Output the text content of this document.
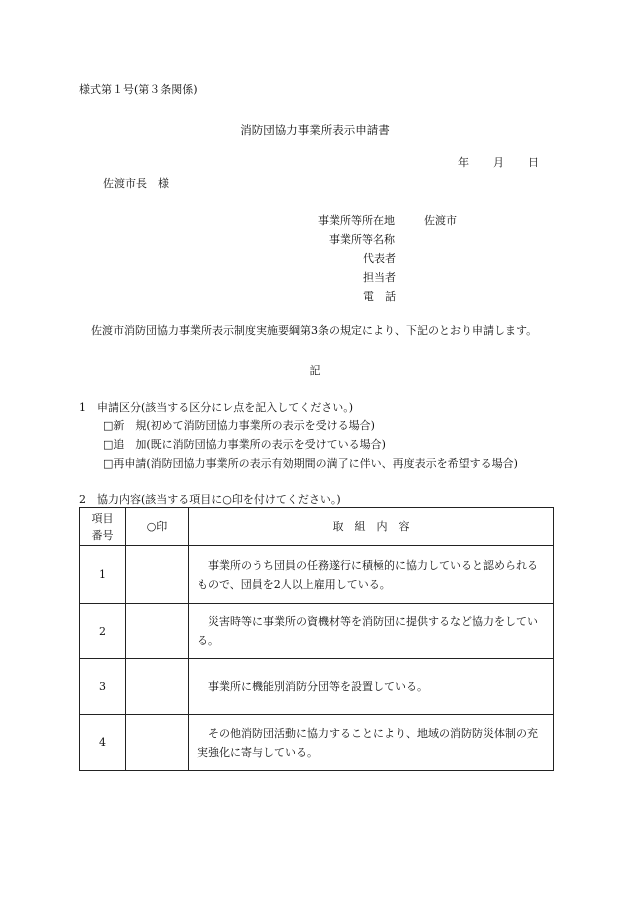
様式第１号(第３条関係)
消防団協力事業所表示申請書
年 月 日
佐渡市長　様
事業所等所在地	佐渡市
事業所等名称
代表者
担当者
電　話
佐渡市消防団協力事業所表示制度実施要綱第3条の規定により、下記のとおり申請します。
記
1　申請区分(該当する区分にレ点を記入してください。)
□新　規(初めて消防団協力事業所の表示を受ける場合)
□追　加(既に消防団協力事業所の表示を受けている場合)
□再申請(消防団協力事業所の表示有効期間の満了に伴い、再度表示を希望する場合)
2　協力内容(該当する項目に○印を付けてください。)
項目
番号	○印	取　組　内　容
1		事業所のうち団員の任務遂行に積極的に協力していると認められるもので、団員を2人以上雇用している。

2		災害時等に事業所の資機材等を消防団に提供するなど協力をしている。

3		事業所に機能別消防分団等を設置している。

4		その他消防団活動に協力することにより、地域の消防防災体制の充実強化に寄与している。
